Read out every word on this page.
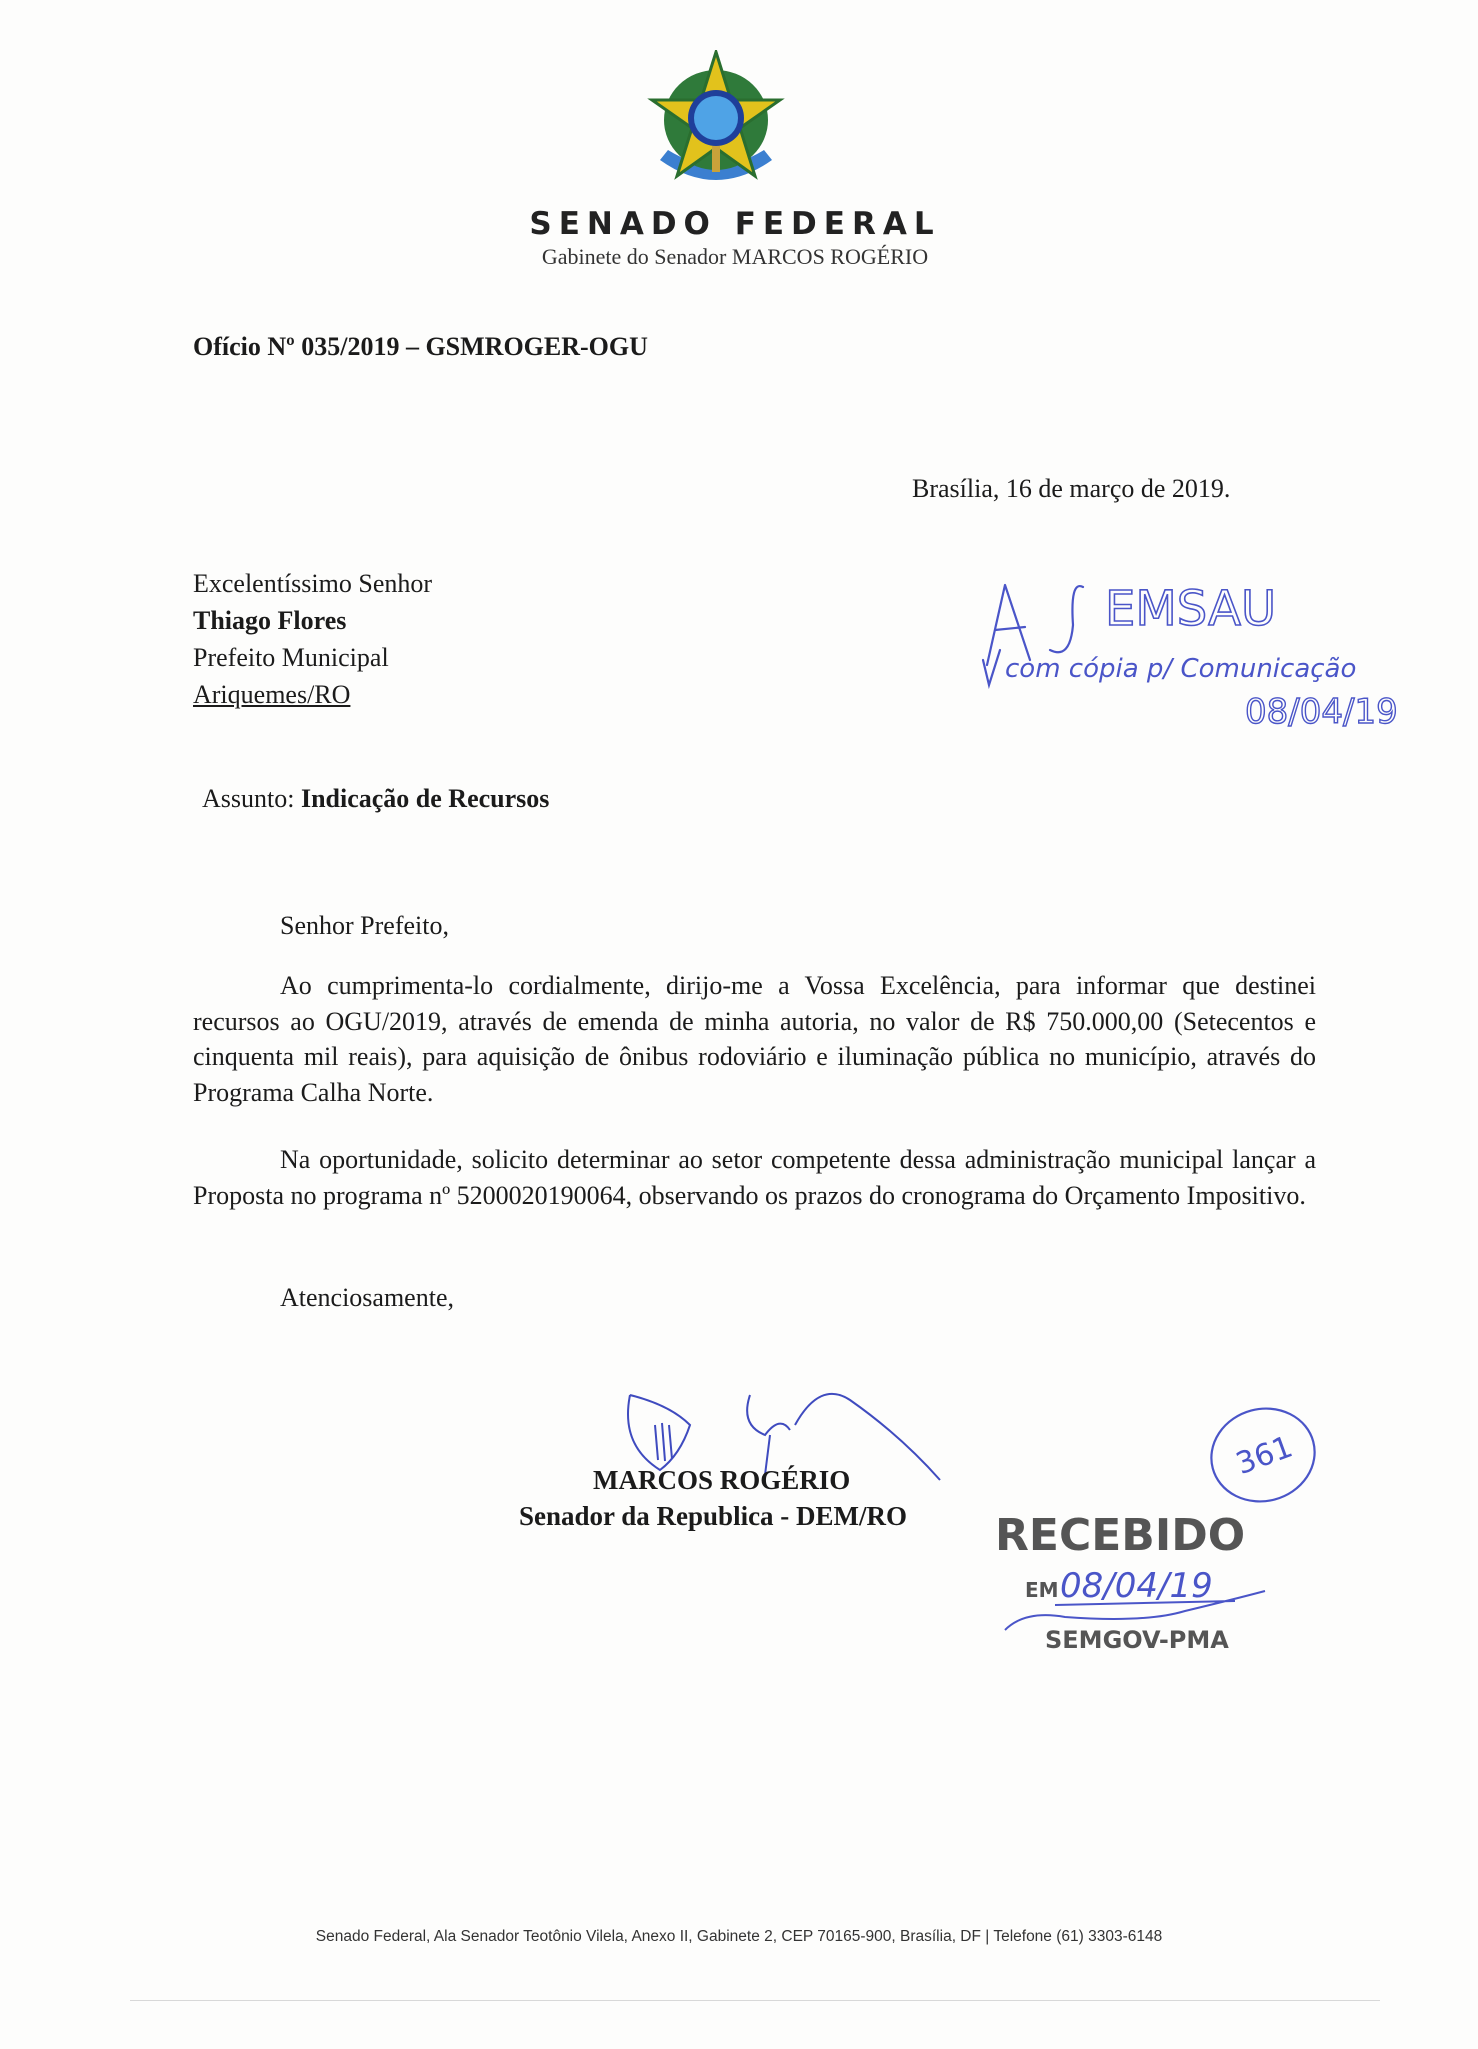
SENADO FEDERAL
Gabinete do Senador MARCOS ROGÉRIO
Ofício Nº 035/2019 – GSMROGER-OGU
Brasília, 16 de março de 2019.
Excelentíssimo Senhor
Thiago Flores
Prefeito Municipal
Ariquemes/RO
EMSAU
com cópia p/ Comunicação
08/04/19
Assunto: Indicação de Recursos
Senhor Prefeito,
Ao cumprimenta-lo cordialmente, dirijo-me a Vossa Excelência, para informar que destinei recursos ao OGU/2019, através de emenda de minha autoria, no valor de R$ 750.000,00 (Setecentos e cinquenta mil reais), para aquisição de ônibus rodoviário e iluminação pública no município, através do Programa Calha Norte.
Na oportunidade, solicito determinar ao setor competente dessa administração municipal lançar a Proposta no programa nº 5200020190064, observando os prazos do cronograma do Orçamento Impositivo.
Atenciosamente,
MARCOS ROGÉRIO
Senador da Republica - DEM/RO
361
RECEBIDO
EM 08/04/19
SEMGOV-PMA
Senado Federal, Ala Senador Teotônio Vilela, Anexo II, Gabinete 2, CEP 70165-900, Brasília, DF | Telefone (61) 3303-6148
